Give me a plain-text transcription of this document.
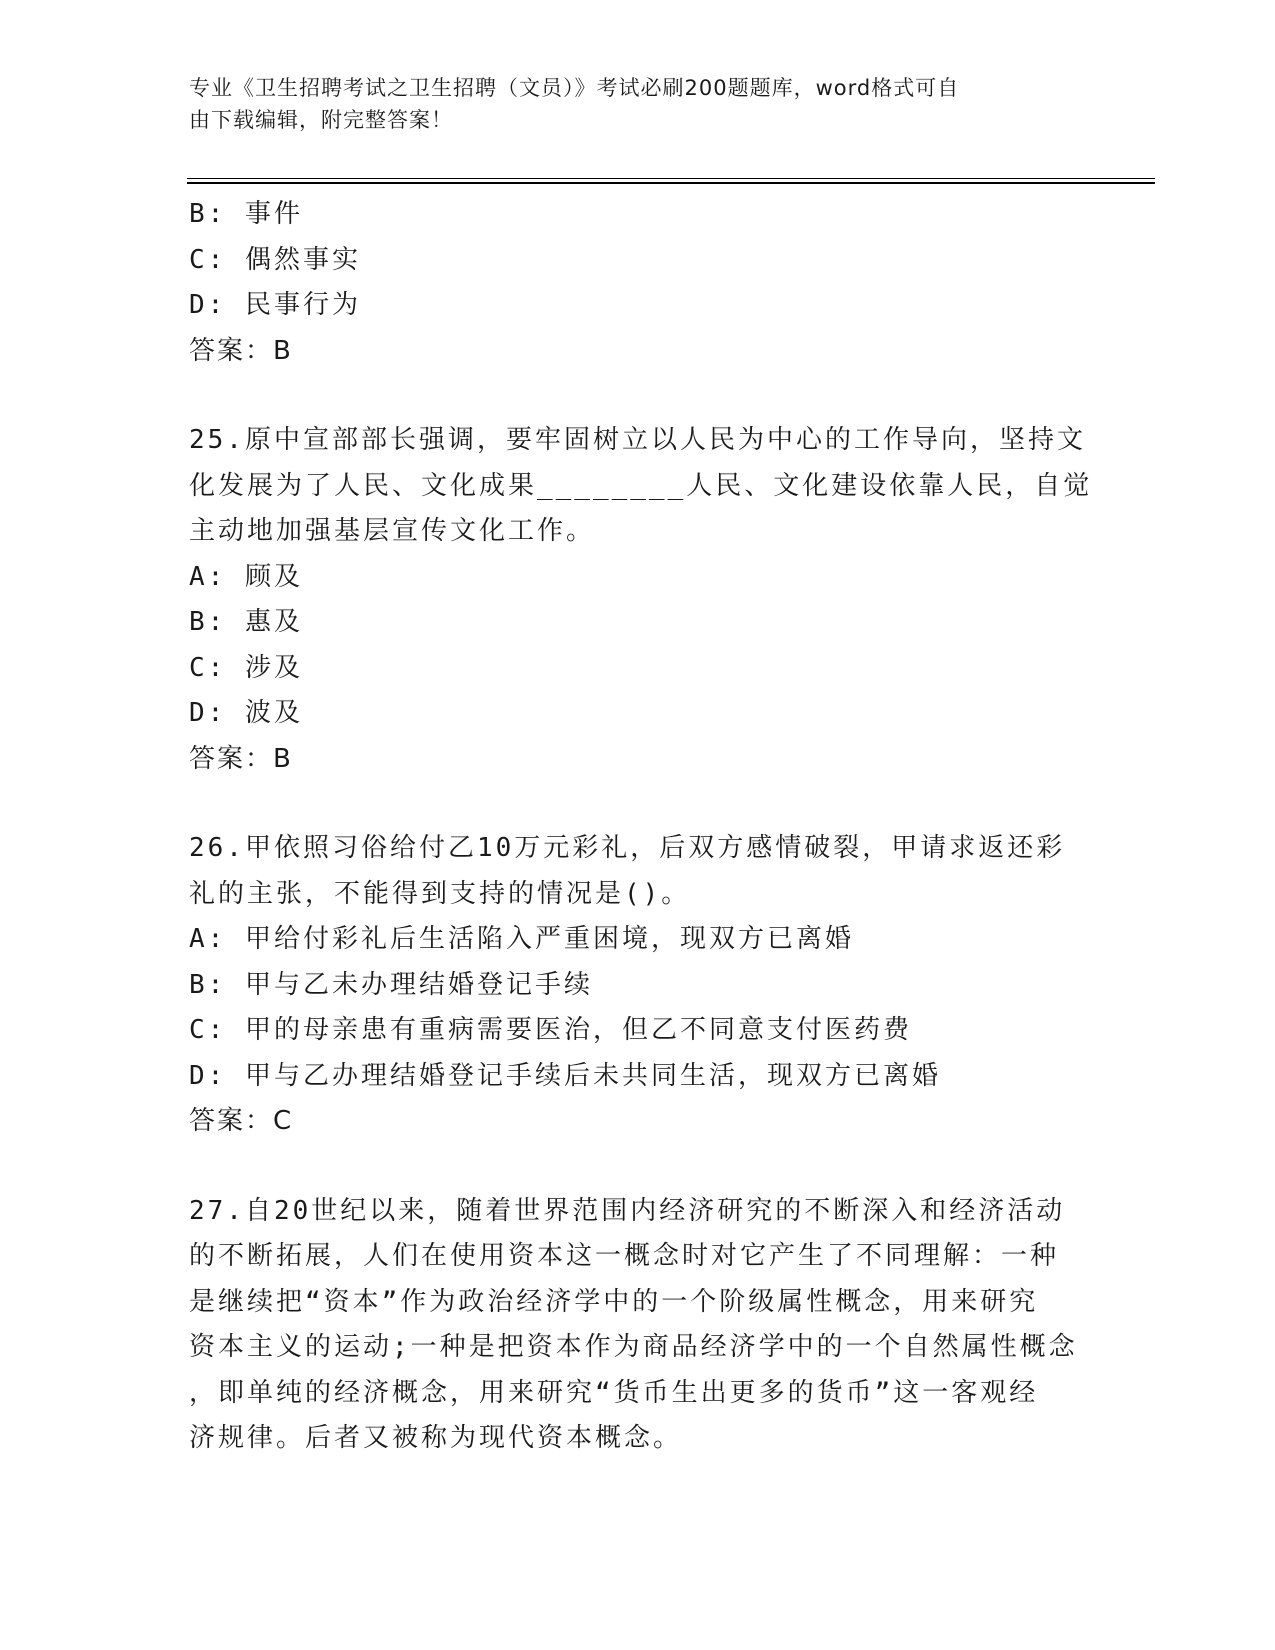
专业《卫生招聘考试之卫生招聘（文员）》考试必刷200题题库，word格式可自
由下载编辑，附完整答案！
B: 事件
C: 偶然事实
D: 民事行为
答案：B
25.原中宣部部长强调，要牢固树立以人民为中心的工作导向，坚持文
化发展为了人民、文化成果________人民、文化建设依靠人民，自觉
主动地加强基层宣传文化工作。
A: 顾及
B: 惠及
C: 涉及
D: 波及
答案：B
26.甲依照习俗给付乙10万元彩礼，后双方感情破裂，甲请求返还彩
礼的主张，不能得到支持的情况是()。
A: 甲给付彩礼后生活陷入严重困境，现双方已离婚
B: 甲与乙未办理结婚登记手续
C: 甲的母亲患有重病需要医治，但乙不同意支付医药费
D: 甲与乙办理结婚登记手续后未共同生活，现双方已离婚
答案：C
27.自20世纪以来，随着世界范围内经济研究的不断深入和经济活动
的不断拓展，人们在使用资本这一概念时对它产生了不同理解：一种
是继续把“资本”作为政治经济学中的一个阶级属性概念，用来研究
资本主义的运动;一种是把资本作为商品经济学中的一个自然属性概念
，即单纯的经济概念，用来研究“货币生出更多的货币”这一客观经
济规律。后者又被称为现代资本概念。
